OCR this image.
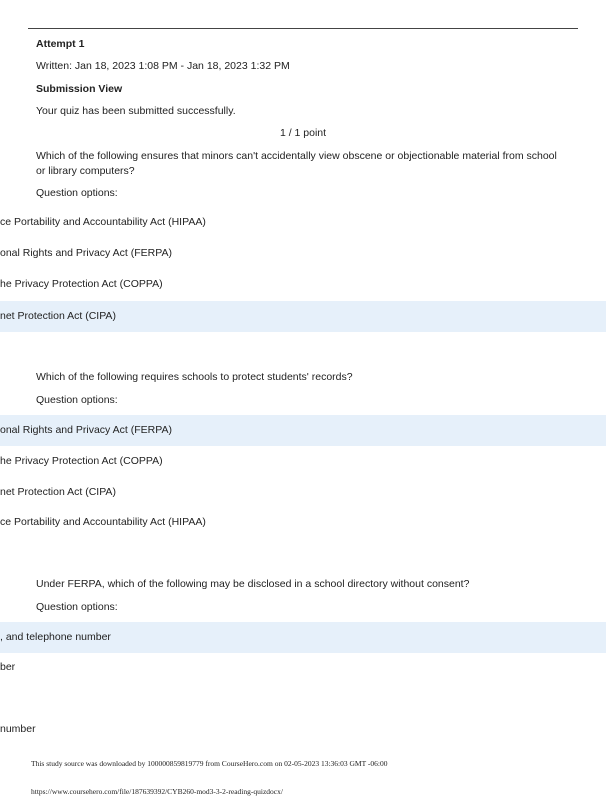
Attempt 1
Written: Jan 18, 2023 1:08 PM - Jan 18, 2023 1:32 PM
Submission View
Your quiz has been submitted successfully.
1 / 1 point
Which of the following ensures that minors can't accidentally view obscene or objectionable material from school or library computers?
Question options:
ce Portability and Accountability Act (HIPAA)
onal Rights and Privacy Act (FERPA)
he Privacy Protection Act (COPPA)
net Protection Act (CIPA)
Which of the following requires schools to protect students' records?
Question options:
onal Rights and Privacy Act (FERPA)
he Privacy Protection Act (COPPA)
net Protection Act (CIPA)
ce Portability and Accountability Act (HIPAA)
Under FERPA, which of the following may be disclosed in a school directory without consent?
Question options:
, and telephone number
ber
number
This study source was downloaded by 100000859819779 from CourseHero.com on 02-05-2023 13:36:03 GMT -06:00
https://www.coursehero.com/file/187639392/CYB260-mod3-3-2-reading-quizdocx/
